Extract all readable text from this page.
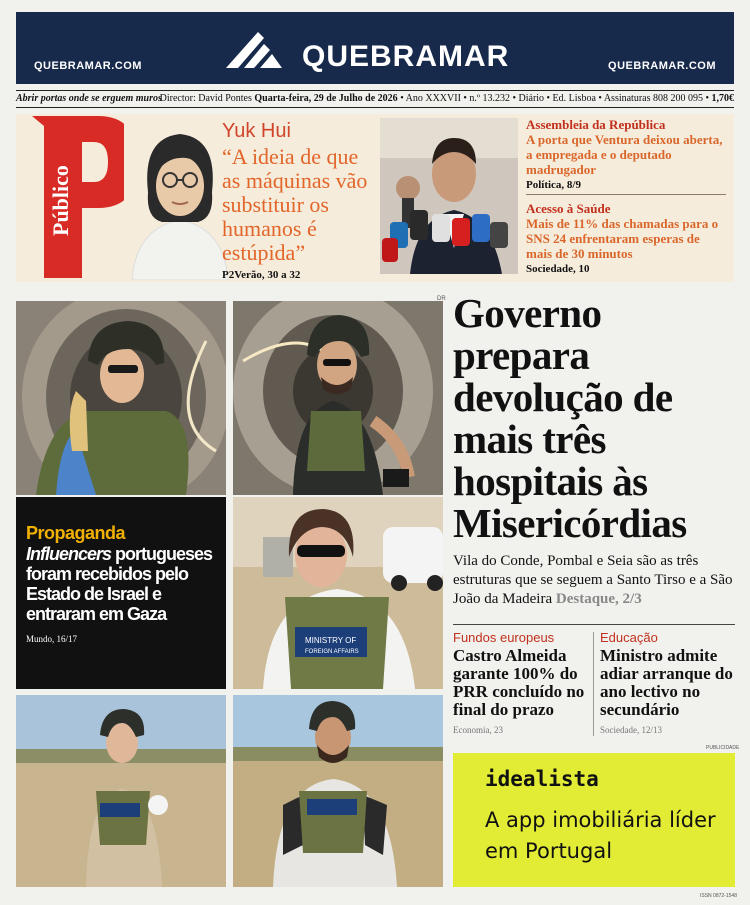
QUEBRAMAR
QUEBRAMAR.COM	QUEBRAMAR.COM
Abrir portas onde se erguem muros
Director: David Pontes Quarta-feira, 29 de Julho de 2026 • Ano XXXVII • n.º 13.232 • Diário • Ed. Lisboa • Assinaturas 808 200 095 • 1,70€
Público
Yuk Hui
“A ideia de que as máquinas vão substituir os humanos é estúpida”
P2Verão, 30 a 32
Assembleia da República
A porta que Ventura deixou aberta, a empregada e o deputado madrugador
Política, 8/9
Acesso à Saúde
Mais de 11% das chamadas para o SNS 24 enfrentaram esperas de mais de 30 minutos
Sociedade, 10
DR
Propaganda
Influencers portugueses foram recebidos pelo Estado de Israel e entraram em Gaza
Mundo, 16/17	MINISTRY OF
FOREIGN AFFAIRS
Governo prepara devolução de mais três hospitais às Misericórdias
Vila do Conde, Pombal e Seia são as três estruturas que se seguem a Santo Tirso e a São João da Madeira Destaque, 2/3
Fundos europeus
Castro Almeida garante 100% do PRR concluído no final do prazo
Economia, 23
Educação
Ministro admite adiar arranque do ano lectivo no secundário
Sociedade, 12/13
PUBLICIDADE
idealista
A app imobiliária líder em Portugal
ISSN 0872-1548
